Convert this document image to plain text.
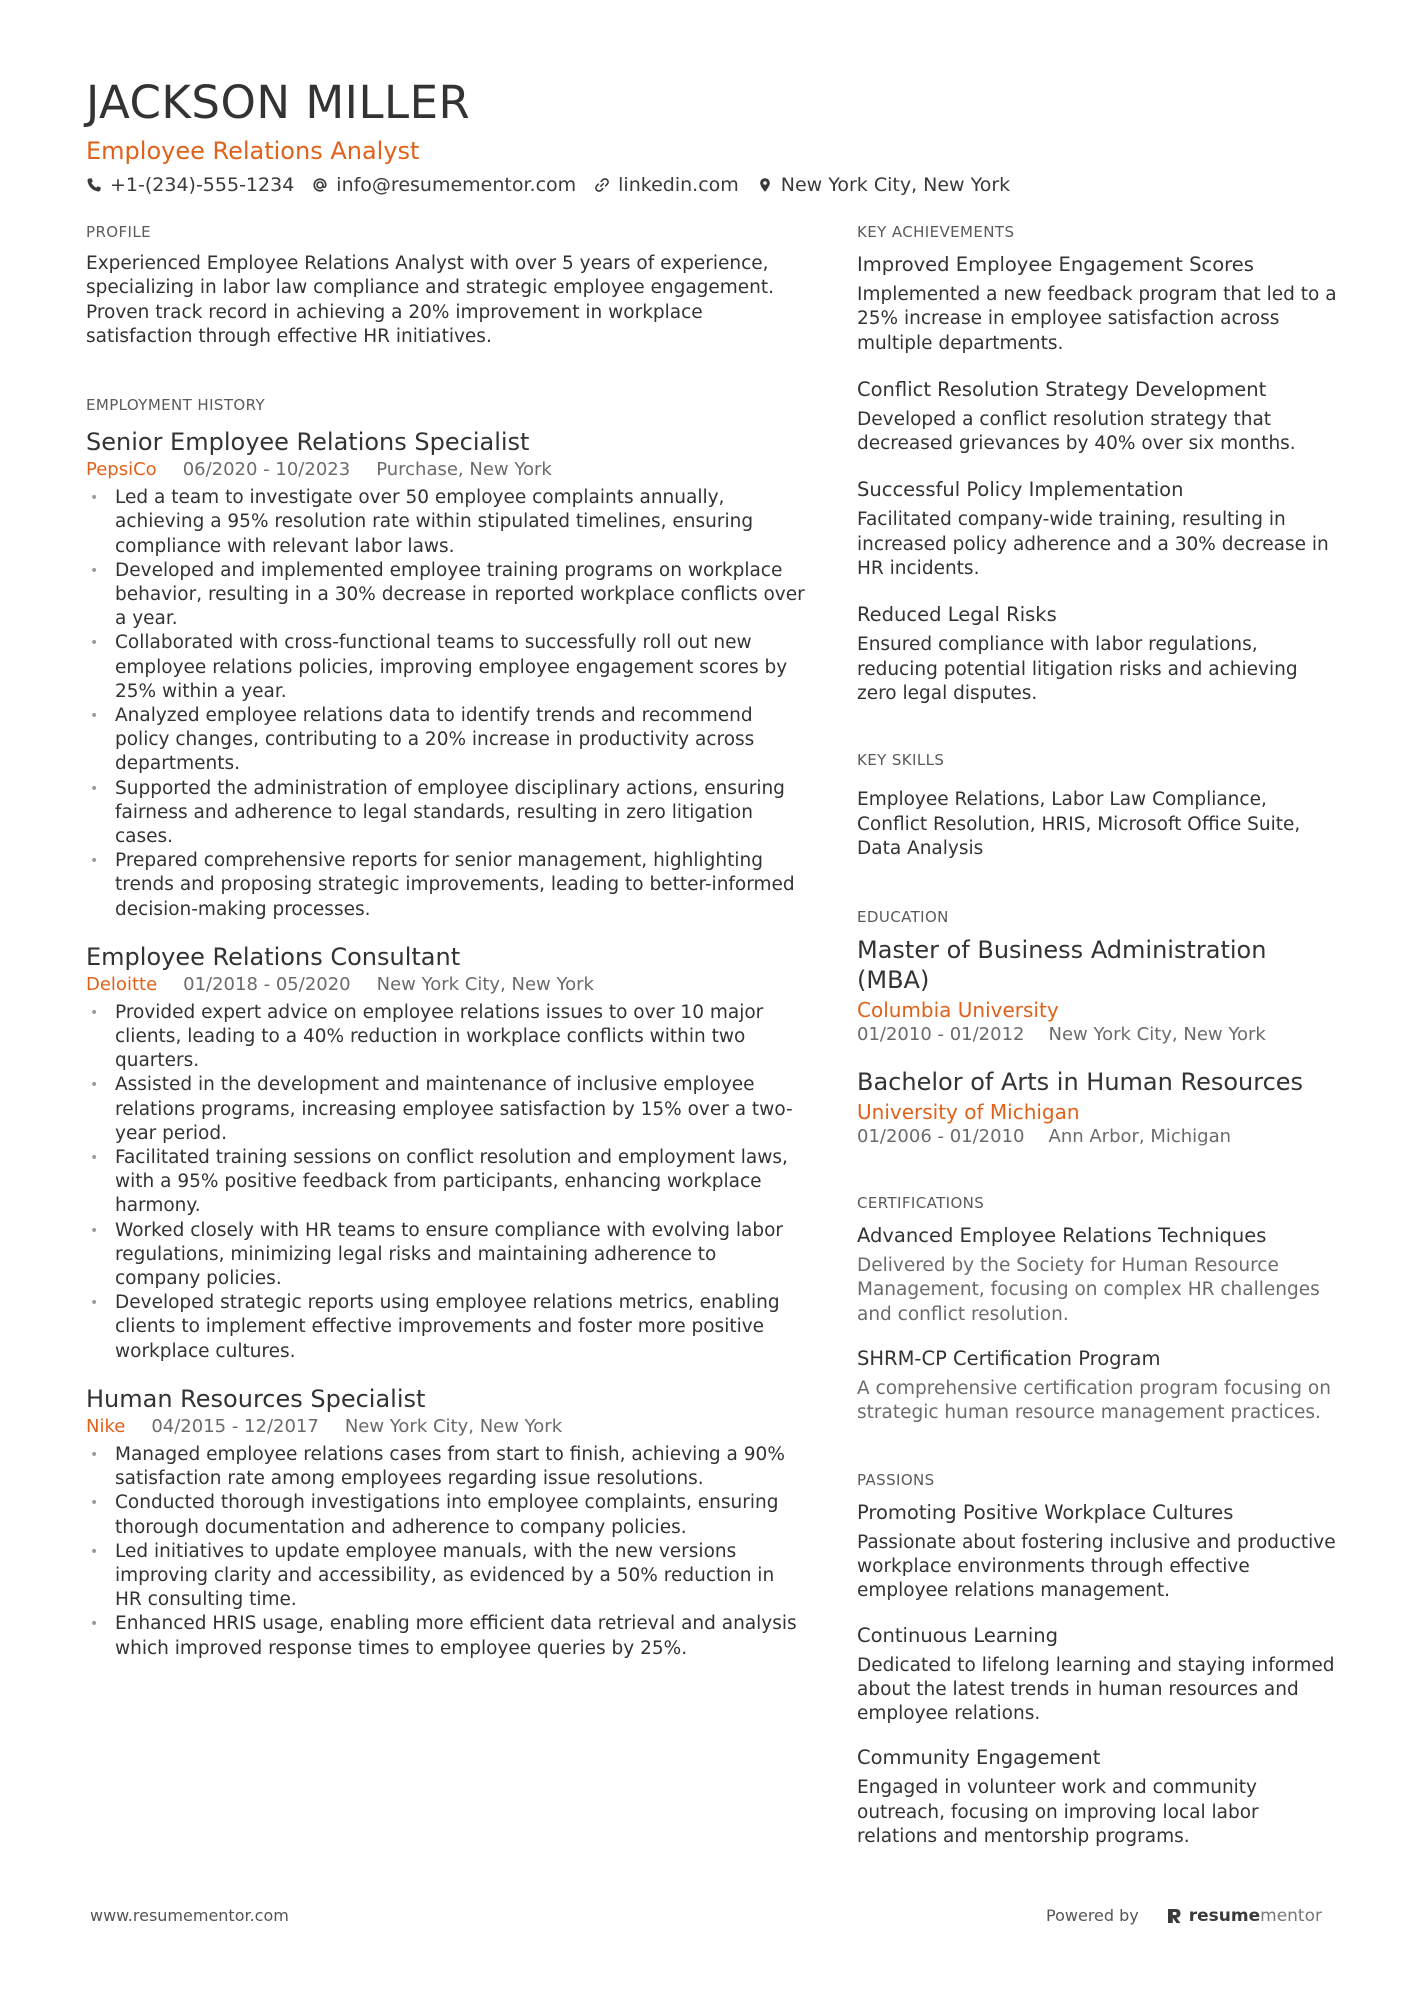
JACKSON MILLER
Employee Relations Analyst
+1-(234)-555-1234 info@resumementor.com linkedin.com New York City, New York
PROFILE
Experienced Employee Relations Analyst with over 5 years of experience, specializing in labor law compliance and strategic employee engagement. Proven track record in achieving a 20% improvement in workplace satisfaction through effective HR initiatives.
EMPLOYMENT HISTORY
Senior Employee Relations Specialist
PepsiCo 06/2020 - 10/2023 Purchase, New York
• Led a team to investigate over 50 employee complaints annually, achieving a 95% resolution rate within stipulated timelines, ensuring compliance with relevant labor laws.
• Developed and implemented employee training programs on workplace behavior, resulting in a 30% decrease in reported workplace conflicts over a year.
• Collaborated with cross-functional teams to successfully roll out new employee relations policies, improving employee engagement scores by 25% within a year.
• Analyzed employee relations data to identify trends and recommend policy changes, contributing to a 20% increase in productivity across departments.
• Supported the administration of employee disciplinary actions, ensuring fairness and adherence to legal standards, resulting in zero litigation cases.
• Prepared comprehensive reports for senior management, highlighting trends and proposing strategic improvements, leading to better-informed decision-making processes.
Employee Relations Consultant
Deloitte 01/2018 - 05/2020 New York City, New York
• Provided expert advice on employee relations issues to over 10 major clients, leading to a 40% reduction in workplace conflicts within two quarters.
• Assisted in the development and maintenance of inclusive employee relations programs, increasing employee satisfaction by 15% over a two-year period.
• Facilitated training sessions on conflict resolution and employment laws, with a 95% positive feedback from participants, enhancing workplace harmony.
• Worked closely with HR teams to ensure compliance with evolving labor regulations, minimizing legal risks and maintaining adherence to company policies.
• Developed strategic reports using employee relations metrics, enabling clients to implement effective improvements and foster more positive workplace cultures.
Human Resources Specialist
Nike 04/2015 - 12/2017 New York City, New York
• Managed employee relations cases from start to finish, achieving a 90% satisfaction rate among employees regarding issue resolutions.
• Conducted thorough investigations into employee complaints, ensuring thorough documentation and adherence to company policies.
• Led initiatives to update employee manuals, with the new versions improving clarity and accessibility, as evidenced by a 50% reduction in HR consulting time.
• Enhanced HRIS usage, enabling more efficient data retrieval and analysis which improved response times to employee queries by 25%.
KEY ACHIEVEMENTS
Improved Employee Engagement Scores
Implemented a new feedback program that led to a 25% increase in employee satisfaction across multiple departments.
Conflict Resolution Strategy Development
Developed a conflict resolution strategy that decreased grievances by 40% over six months.
Successful Policy Implementation
Facilitated company-wide training, resulting in increased policy adherence and a 30% decrease in HR incidents.
Reduced Legal Risks
Ensured compliance with labor regulations, reducing potential litigation risks and achieving zero legal disputes.
KEY SKILLS
Employee Relations, Labor Law Compliance, Conflict Resolution, HRIS, Microsoft Office Suite, Data Analysis
EDUCATION
Master of Business Administration (MBA)
Columbia University
01/2010 - 01/2012 New York City, New York
Bachelor of Arts in Human Resources
University of Michigan
01/2006 - 01/2010 Ann Arbor, Michigan
CERTIFICATIONS
Advanced Employee Relations Techniques
Delivered by the Society for Human Resource Management, focusing on complex HR challenges and conflict resolution.
SHRM-CP Certification Program
A comprehensive certification program focusing on strategic human resource management practices.
PASSIONS
Promoting Positive Workplace Cultures
Passionate about fostering inclusive and productive workplace environments through effective employee relations management.
Continuous Learning
Dedicated to lifelong learning and staying informed about the latest trends in human resources and employee relations.
Community Engagement
Engaged in volunteer work and community outreach, focusing on improving local labor relations and mentorship programs.
www.resumementor.com	Powered by	resume mentor
